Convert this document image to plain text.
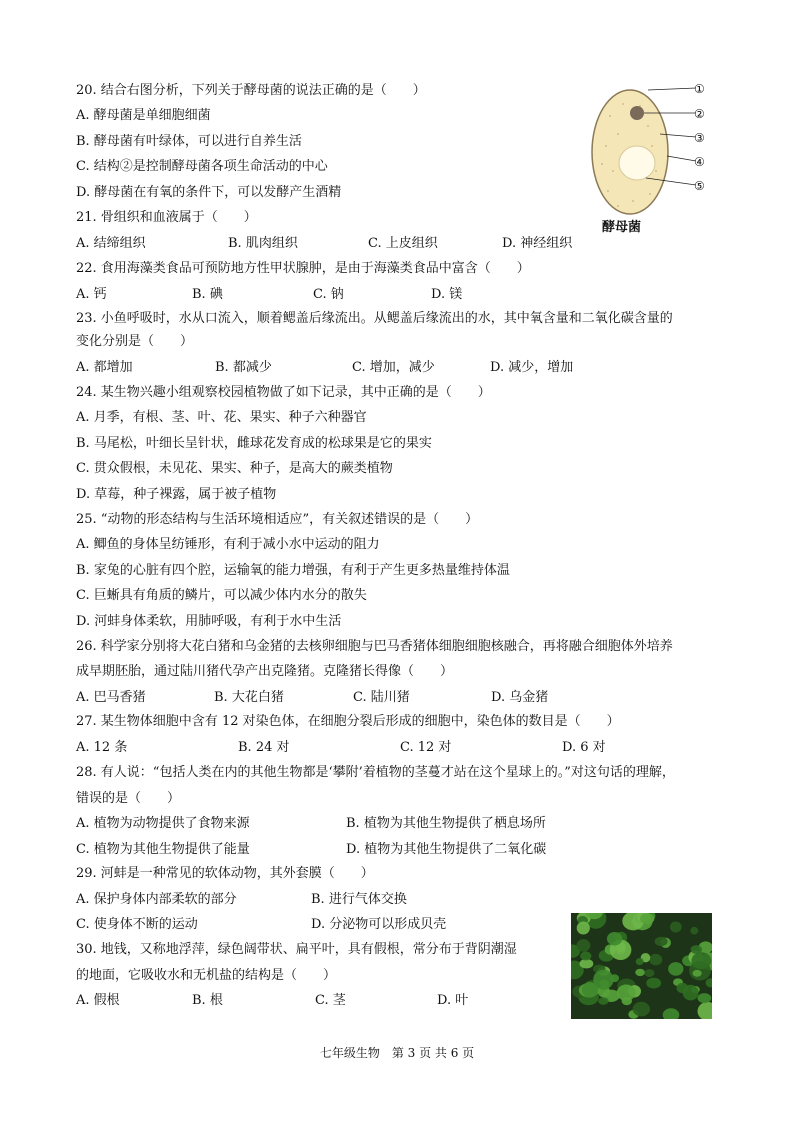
20. 结合右图分析，下列关于酵母菌的说法正确的是（　　）
A. 酵母菌是单细胞细菌
B. 酵母菌有叶绿体，可以进行自养生活
C. 结构②是控制酵母菌各项生命活动的中心
D. 酵母菌在有氧的条件下，可以发酵产生酒精
①
②
③
④
⑤
酵母菌
21. 骨组织和血液属于（　　）
A. 结缔组织	B. 肌肉组织	C. 上皮组织	D. 神经组织
22. 食用海藻类食品可预防地方性甲状腺肿，是由于海藻类食品中富含（　　）
A. 钙	B. 碘	C. 钠	D. 镁
23. 小鱼呼吸时，水从口流入，顺着鳃盖后缘流出。从鳃盖后缘流出的水，其中氧含量和二氧化碳含量的
变化分别是（　　）
A. 都增加	B. 都减少	C. 增加，减少	D. 减少，增加
24. 某生物兴趣小组观察校园植物做了如下记录，其中正确的是（　　）
A. 月季，有根、茎、叶、花、果实、种子六种器官
B. 马尾松，叶细长呈针状，雌球花发育成的松球果是它的果实
C. 贯众假根，未见花、果实、种子，是高大的蕨类植物
D. 草莓，种子裸露，属于被子植物
25. “动物的形态结构与生活环境相适应”，有关叙述错误的是（　　）
A. 鲫鱼的身体呈纺锤形，有利于减小水中运动的阻力
B. 家兔的心脏有四个腔，运输氧的能力增强，有利于产生更多热量维持体温
C. 巨蜥具有角质的鳞片，可以减少体内水分的散失
D. 河蚌身体柔软，用肺呼吸，有利于水中生活
26. 科学家分别将大花白猪和乌金猪的去核卵细胞与巴马香猪体细胞细胞核融合，再将融合细胞体外培养
成早期胚胎，通过陆川猪代孕产出克隆猪。克隆猪长得像（　　）
A. 巴马香猪	B. 大花白猪	C. 陆川猪	D. 乌金猪
27. 某生物体细胞中含有 12 对染色体，在细胞分裂后形成的细胞中，染色体的数目是（　　）
A. 12 条	B. 24 对	C. 12 对	D. 6 对
28. 有人说：“包括人类在内的其他生物都是‘攀附’着植物的茎蔓才站在这个星球上的。”对这句话的理解，
错误的是（　　）
A. 植物为动物提供了食物来源	B. 植物为其他生物提供了栖息场所
C. 植物为其他生物提供了能量	D. 植物为其他生物提供了二氧化碳
29. 河蚌是一种常见的软体动物，其外套膜（　　）
A. 保护身体内部柔软的部分	B. 进行气体交换
C. 使身体不断的运动	D. 分泌物可以形成贝壳
30. 地钱，又称地浮萍，绿色阔带状、扁平叶，具有假根，常分布于背阴潮湿
的地面，它吸收水和无机盐的结构是（　　）
A. 假根	B. 根	C. 茎	D. 叶
七年级生物　第 3 页 共 6 页
